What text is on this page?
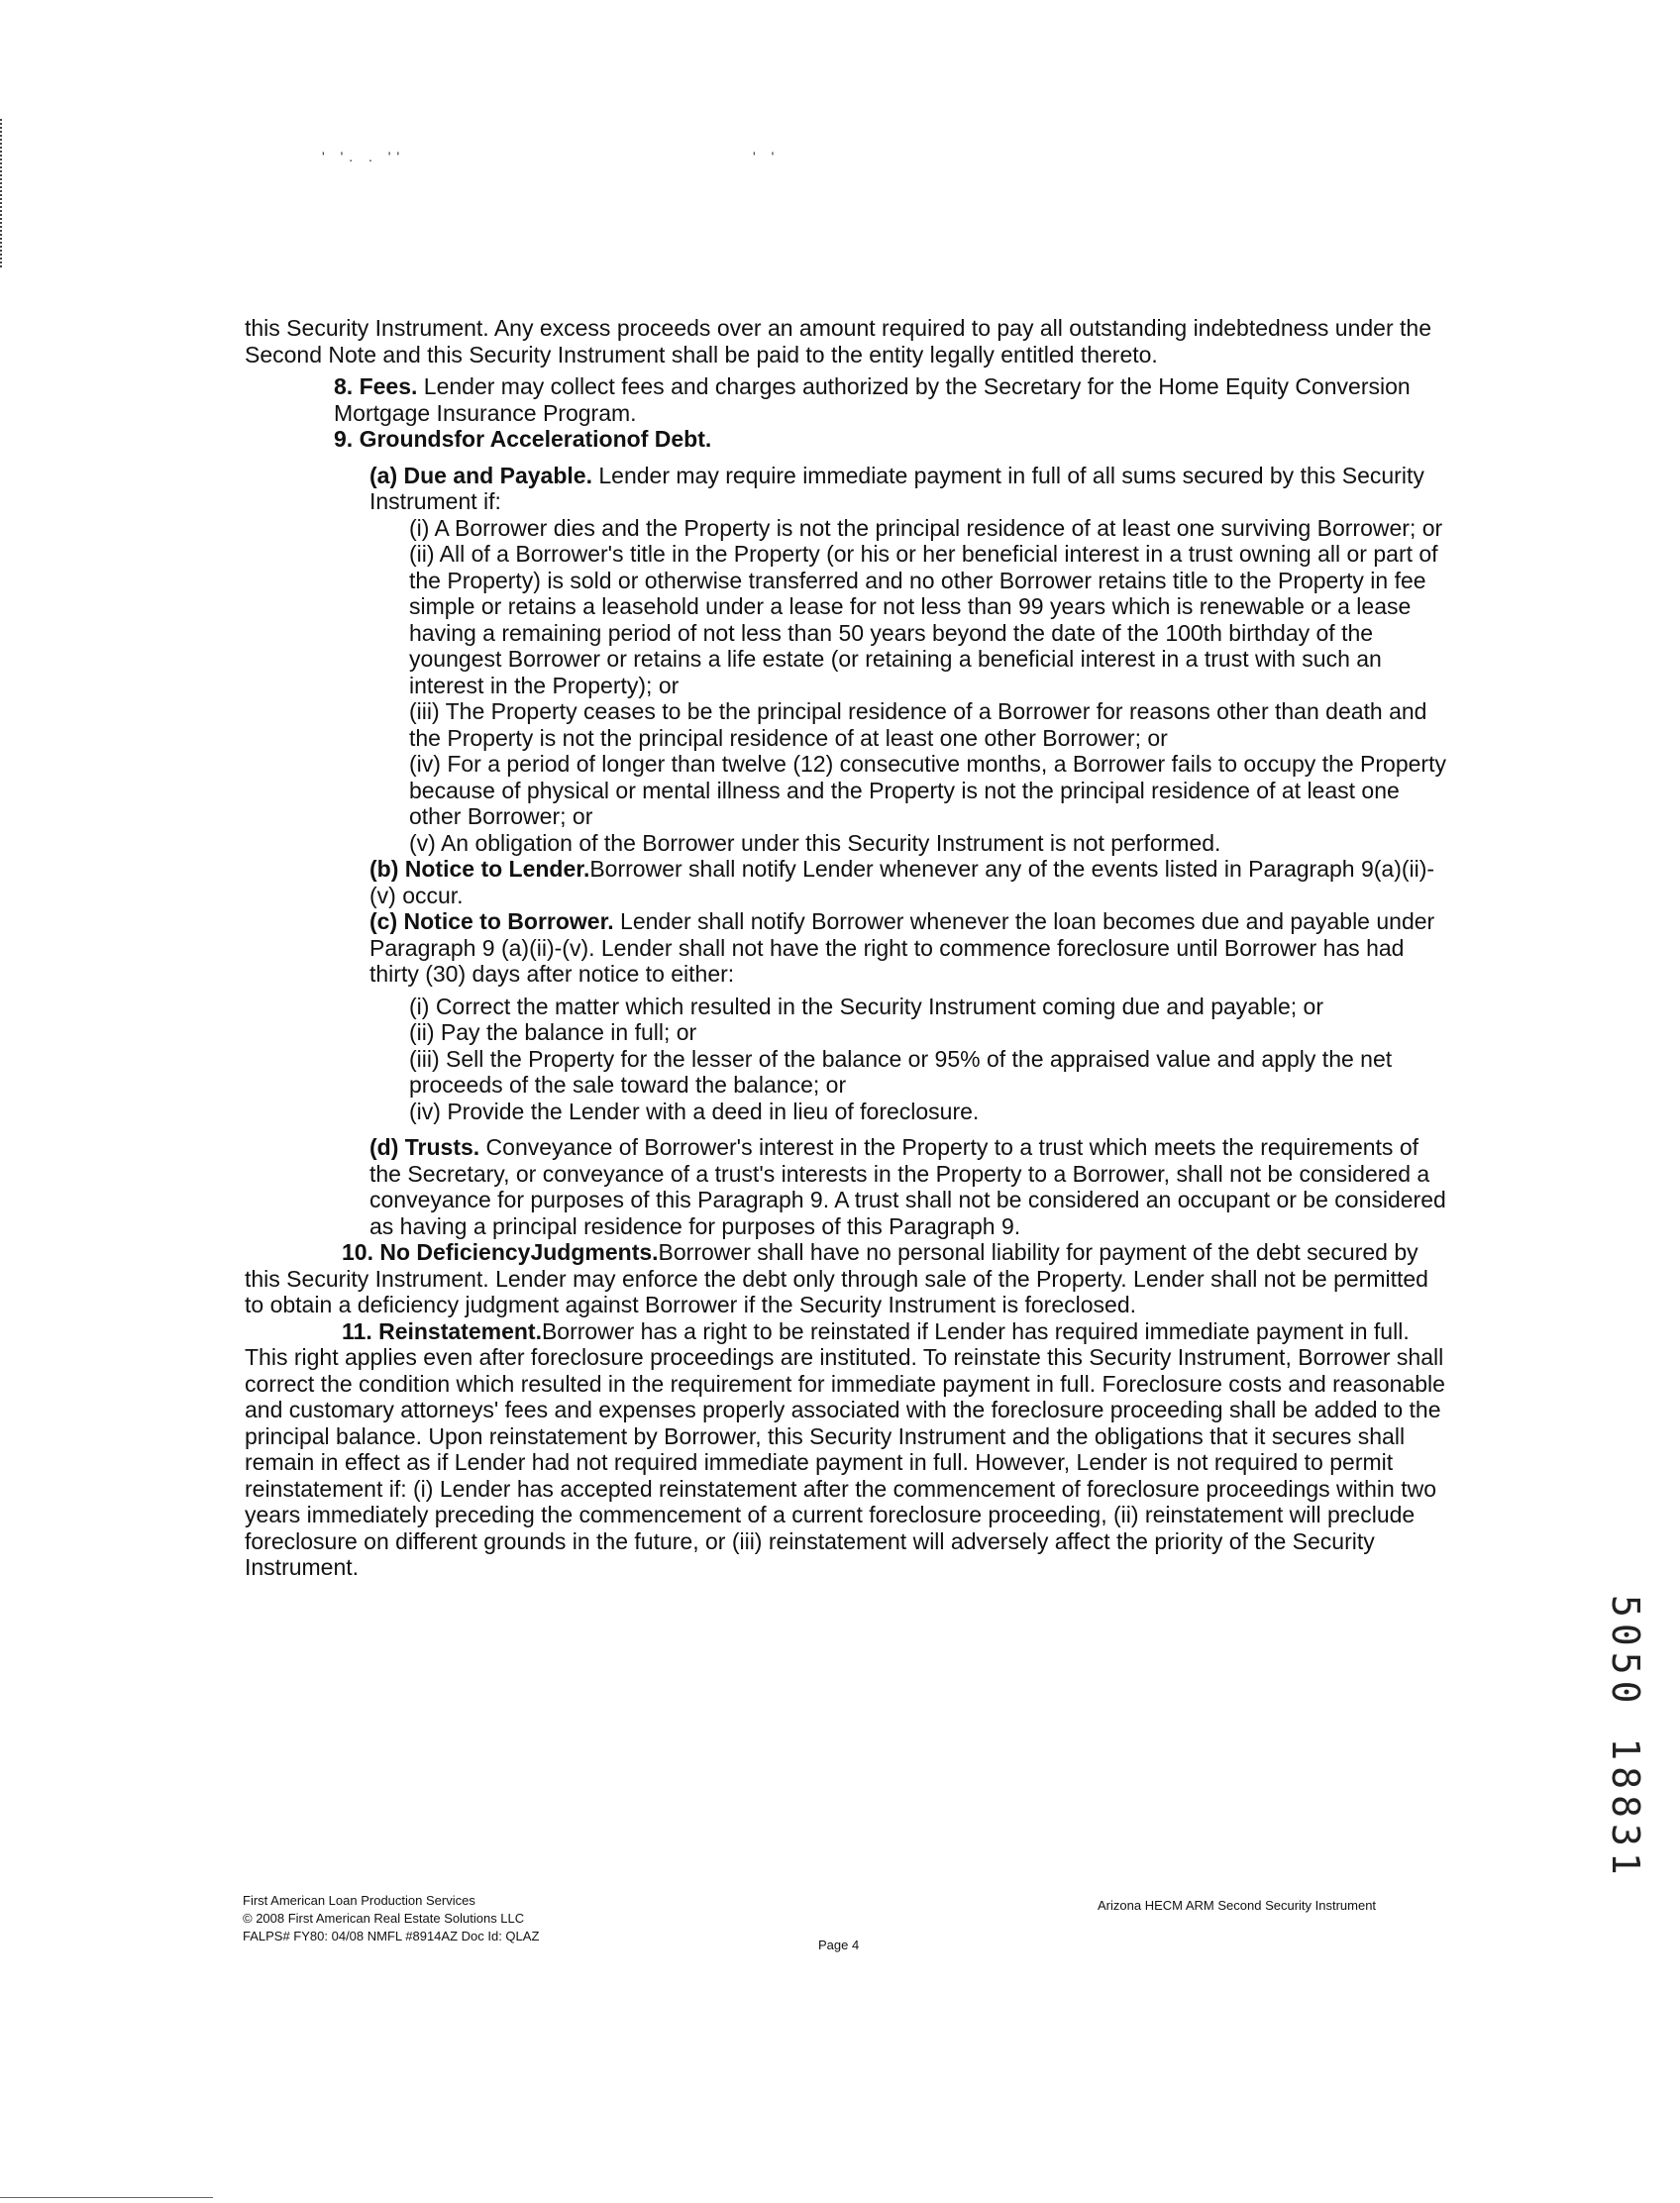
' '. . ''	' '

this Security Instrument. Any excess proceeds over an amount required to pay all outstanding indebtedness under the Second Note and this Security Instrument shall be paid to the entity legally entitled thereto.

8. Fees. Lender may collect fees and charges authorized by the Secretary for the Home Equity Conversion Mortgage Insurance Program.

9. Groundsfor Accelerationof Debt.

(a) Due and Payable. Lender may require immediate payment in full of all sums secured by this Security Instrument if:

(i) A Borrower dies and the Property is not the principal residence of at least one surviving Borrower; or

(ii) All of a Borrower's title in the Property (or his or her beneficial interest in a trust owning all or part of the Property) is sold or otherwise transferred and no other Borrower retains title to the Property in fee simple or retains a leasehold under a lease for not less than 99 years which is renewable or a lease having a remaining period of not less than 50 years beyond the date of the 100th birthday of the youngest Borrower or retains a life estate (or retaining a beneficial interest in a trust with such an interest in the Property); or

(iii) The Property ceases to be the principal residence of a Borrower for reasons other than death and the Property is not the principal residence of at least one other Borrower; or

(iv) For a period of longer than twelve (12) consecutive months, a Borrower fails to occupy the Property because of physical or mental illness and the Property is not the principal residence of at least one other Borrower; or

(v) An obligation of the Borrower under this Security Instrument is not performed.

(b) Notice to Lender.Borrower shall notify Lender whenever any of the events listed in Paragraph 9(a)(ii)-(v) occur.

(c) Notice to Borrower. Lender shall notify Borrower whenever the loan becomes due and payable under Paragraph 9 (a)(ii)-(v). Lender shall not have the right to commence foreclosure until Borrower has had thirty (30) days after notice to either:

(i) Correct the matter which resulted in the Security Instrument coming due and payable; or

(ii) Pay the balance in full; or

(iii) Sell the Property for the lesser of the balance or 95% of the appraised value and apply the net proceeds of the sale toward the balance; or

(iv) Provide the Lender with a deed in lieu of foreclosure.

(d) Trusts. Conveyance of Borrower's interest in the Property to a trust which meets the requirements of the Secretary, or conveyance of a trust's interests in the Property to a Borrower, shall not be considered a conveyance for purposes of this Paragraph 9. A trust shall not be considered an occupant or be considered as having a principal residence for purposes of this Paragraph 9.

10. No DeficiencyJudgments.Borrower shall have no personal liability for payment of the debt secured by this Security Instrument. Lender may enforce the debt only through sale of the Property. Lender shall not be permitted to obtain a deficiency judgment against Borrower if the Security Instrument is foreclosed.

11. Reinstatement.Borrower has a right to be reinstated if Lender has required immediate payment in full. This right applies even after foreclosure proceedings are instituted. To reinstate this Security Instrument, Borrower shall correct the condition which resulted in the requirement for immediate payment in full. Foreclosure costs and reasonable and customary attorneys' fees and expenses properly associated with the foreclosure proceeding shall be added to the principal balance. Upon reinstatement by Borrower, this Security Instrument and the obligations that it secures shall remain in effect as if Lender had not required immediate payment in full. However, Lender is not required to permit reinstatement if: (i) Lender has accepted reinstatement after the commencement of foreclosure proceedings within two years immediately preceding the commencement of a current foreclosure proceeding, (ii) reinstatement will preclude foreclosure on different grounds in the future, or (iii) reinstatement will adversely affect the priority of the Security Instrument.

First American Loan Production Services
© 2008 First American Real Estate Solutions LLC
FALPS# FY80: 04/08 NMFL #8914AZ Doc Id: QLAZ
Arizona HECM ARM Second Security Instrument
Page 4
5050 18831
